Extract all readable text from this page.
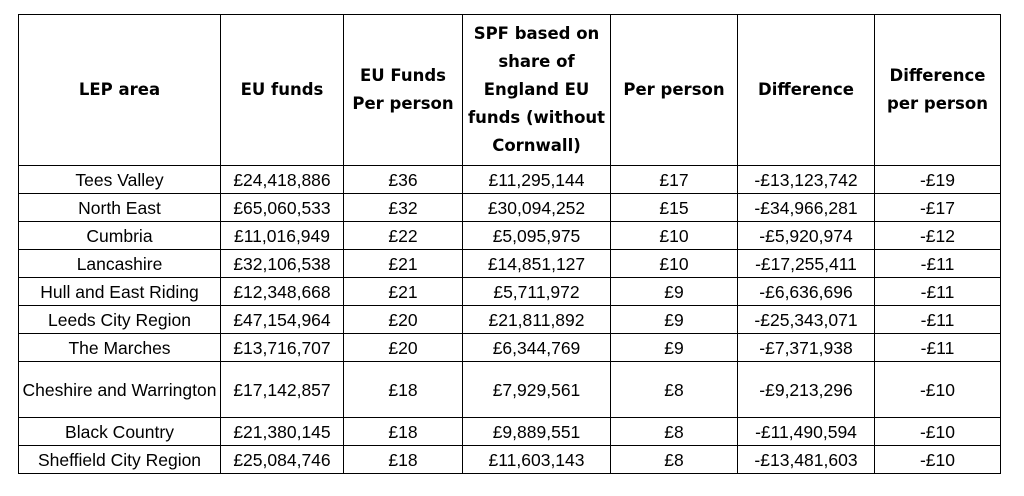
LEP area	EU funds	EU Funds Per person	SPF based on share of England EU funds (without Cornwall)	Per person	Difference	Difference per person
Tees Valley	£24,418,886	£36	£11,295,144	£17	-£13,123,742	-£19
North East	£65,060,533	£32	£30,094,252	£15	-£34,966,281	-£17
Cumbria	£11,016,949	£22	£5,095,975	£10	-£5,920,974	-£12
Lancashire	£32,106,538	£21	£14,851,127	£10	-£17,255,411	-£11
Hull and East Riding	£12,348,668	£21	£5,711,972	£9	-£6,636,696	-£11
Leeds City Region	£47,154,964	£20	£21,811,892	£9	-£25,343,071	-£11
The Marches	£13,716,707	£20	£6,344,769	£9	-£7,371,938	-£11
Cheshire and Warrington	£17,142,857	£18	£7,929,561	£8	-£9,213,296	-£10
Black Country	£21,380,145	£18	£9,889,551	£8	-£11,490,594	-£10
Sheffield City Region	£25,084,746	£18	£11,603,143	£8	-£13,481,603	-£10
